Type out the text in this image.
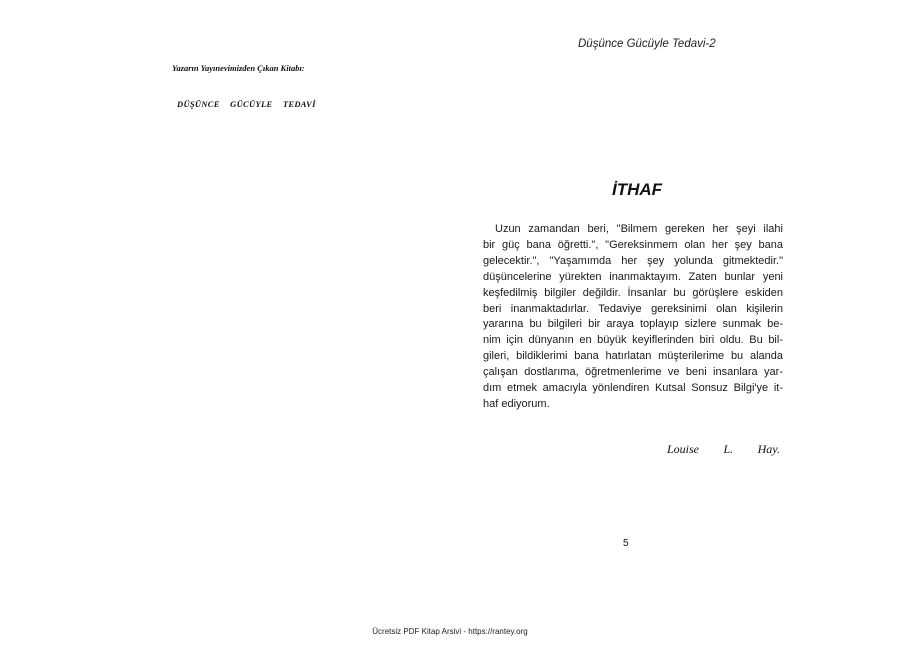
Yazarın Yayınevimizden Çıkan Kitabı:
DÜŞÜNCE GÜCÜYLE TEDAVİ
Düşünce Gücüyle Tedavi-2
İTHAF
Uzun zamandan beri, "Bilmem gereken her şeyi ilahi
bir güç bana öğretti.", "Gereksinmem olan her şey bana
gelecektir.", "Yaşamımda her şey yolunda gitmektedir."
düşüncelerine yürekten inanmaktayım. Zaten bunlar yeni
keşfedilmiş bilgiler değildir. İnsanlar bu görüşlere eskiden
beri inanmaktadırlar. Tedaviye gereksinimi olan kişilerin
yararına bu bilgileri bir araya toplayıp sizlere sunmak be-
nim için dünyanın en büyük keyiflerinden biri oldu. Bu bil-
gileri, bildiklerimi bana hatırlatan müşterilerime bu alanda
çalışan dostlarıma, öğretmenlerime ve beni insanlara yar-
dım etmek amacıyla yönlendiren Kutsal Sonsuz Bilgi'ye it-
haf ediyorum.
Louise L. Hay.
5
Ücretsiz PDF Kitap Arsivi - https://rantey.org
